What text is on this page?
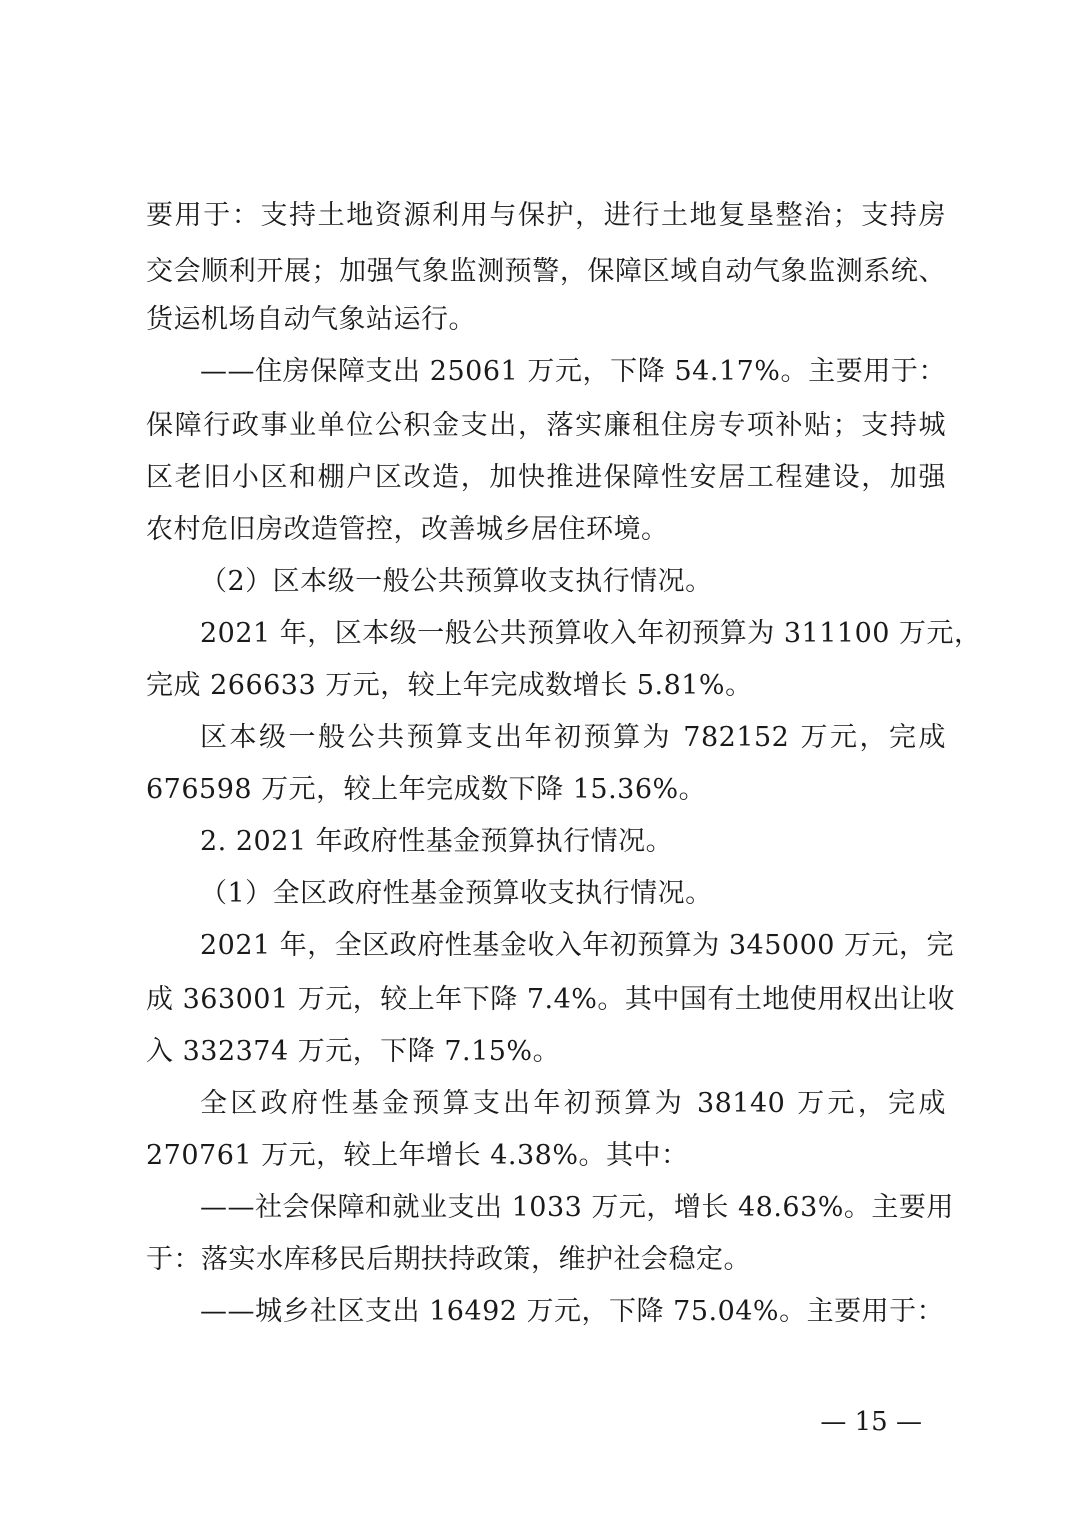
要用于：支持土地资源利用与保护，进行土地复垦整治；支持房
交会顺利开展；加强气象监测预警，保障区域自动气象监测系统、
货运机场自动气象站运行。
——住房保障支出 25061 万元，下降 54.17%。主要用于：
保障行政事业单位公积金支出，落实廉租住房专项补贴；支持城
区老旧小区和棚户区改造，加快推进保障性安居工程建设，加强
农村危旧房改造管控，改善城乡居住环境。
（2）区本级一般公共预算收支执行情况。
2021 年，区本级一般公共预算收入年初预算为 311100 万元，
完成 266633 万元，较上年完成数增长 5.81%。
区本级一般公共预算支出年初预算为 782152 万元，完成
676598 万元，较上年完成数下降 15.36%。
2. 2021 年政府性基金预算执行情况。
（1）全区政府性基金预算收支执行情况。
2021 年，全区政府性基金收入年初预算为 345000 万元，完
成 363001 万元，较上年下降 7.4%。其中国有土地使用权出让收
入 332374 万元，下降 7.15%。
全区政府性基金预算支出年初预算为 38140 万元，完成
270761 万元，较上年增长 4.38%。其中：
——社会保障和就业支出 1033 万元，增长 48.63%。主要用
于：落实水库移民后期扶持政策，维护社会稳定。
——城乡社区支出 16492 万元，下降 75.04%。主要用于：
— 15 —
